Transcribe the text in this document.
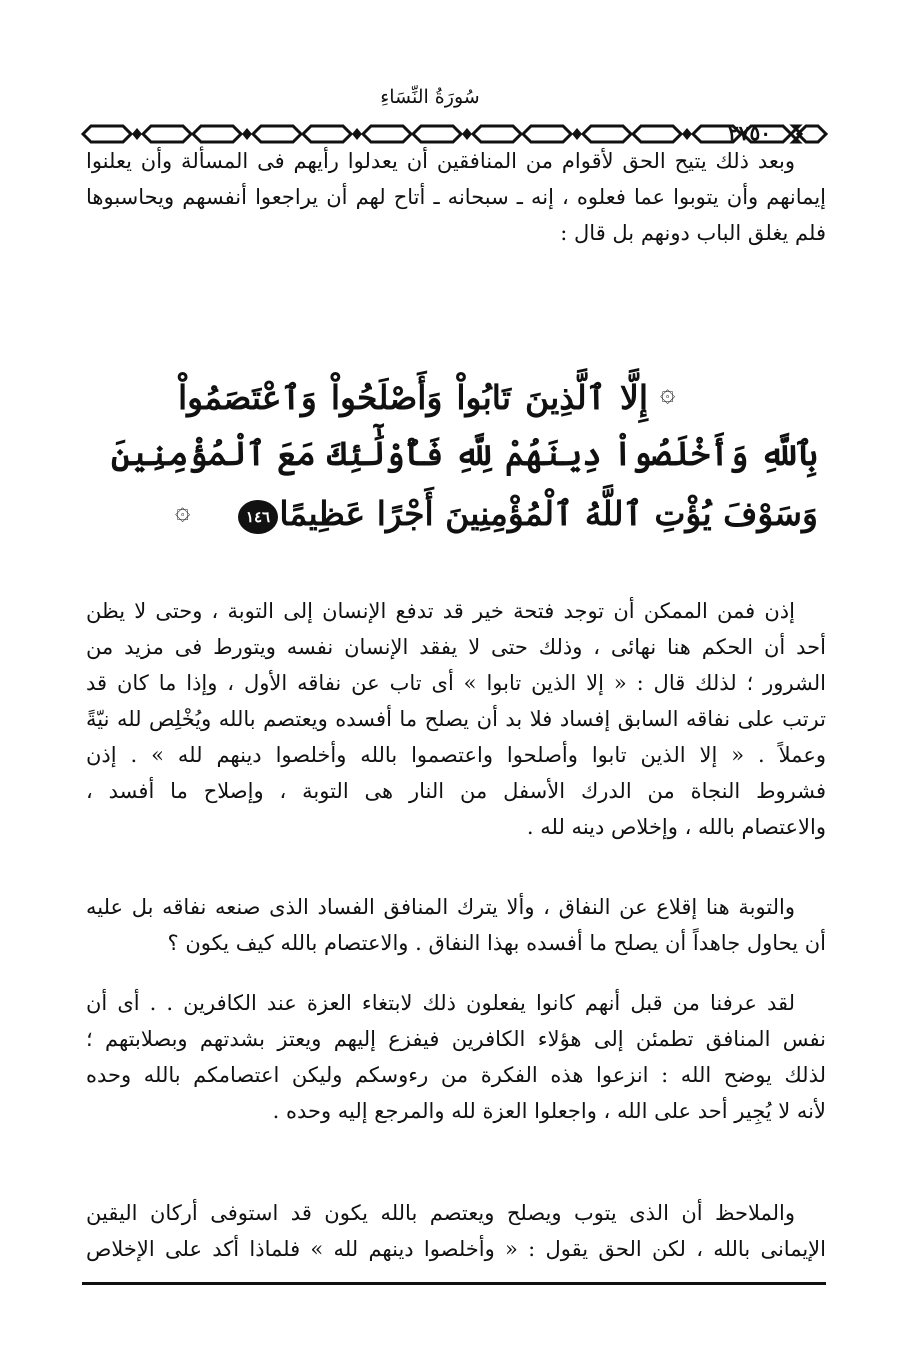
سُورَةُ النِّسَاءِ
٢٧٥٠
وبعد ذلك يتيح الحق لأقوام من المنافقين أن يعدلوا رأيهم فى المسألة وأن يعلنوا
إيمانهم وأن يتوبوا عما فعلوه ، إنه ـ سبحانه ـ أتاح لهم أن يراجعوا أنفسهم ويحاسبوها
فلم يغلق الباب دونهم بل قال :
إذن فمن الممكن أن توجد فتحة خير قد تدفع الإنسان إلى التوبة ، وحتى لا يظن
أحد أن الحكم هنا نهائى ، وذلك حتى لا يفقد الإنسان نفسه ويتورط فى مزيد من
الشرور ؛ لذلك قال : « إلا الذين تابوا » أى تاب عن نفاقه الأول ، وإذا ما كان قد
ترتب على نفاقه السابق إفساد فلا بد أن يصلح ما أفسده ويعتصم بالله ويُخْلِص لله نيّةً
وعملاً . « إلا الذين تابوا وأصلحوا واعتصموا بالله وأخلصوا دينهم لله » . إذن
فشروط النجاة من الدرك الأسفل من النار هى التوبة ، وإصلاح ما أفسد ،
والاعتصام بالله ، وإخلاص دينه لله .
والتوبة هنا إقلاع عن النفاق ، وألا يترك المنافق الفساد الذى صنعه نفاقه بل عليه
أن يحاول جاهداً أن يصلح ما أفسده بهذا النفاق . والاعتصام بالله كيف يكون ؟
لقد عرفنا من قبل أنهم كانوا يفعلون ذلك لابتغاء العزة عند الكافرين . . أى أن
نفس المنافق تطمئن إلى هؤلاء الكافرين فيفزع إليهم ويعتز بشدتهم وبصلابتهم ؛
لذلك يوضح الله : انزعوا هذه الفكرة من رءوسكم وليكن اعتصامكم بالله وحده
لأنه لا يُجِير أحد على الله ، واجعلوا العزة لله والمرجع إليه وحده .
والملاحظ أن الذى يتوب ويصلح ويعتصم بالله يكون قد استوفى أركان اليقين
الإيمانى بالله ، لكن الحق يقول : « وأخلصوا دينهم لله » فلماذا أكد على الإخلاص
۞
إِلَّا ٱلَّذِينَ تَابُواْ وَأَصْلَحُواْ وَٱعْتَصَمُواْ
بِٱللَّهِ وَأَخْلَصُواْ دِينَهُمْ لِلَّهِ فَأُوْلَٰٓئِكَ مَعَ ٱلْمُؤْمِنِينَ
وَسَوْفَ يُؤْتِ ٱللَّهُ ٱلْمُؤْمِنِينَ أَجْرًا عَظِيمًا
١٤٦
۞
